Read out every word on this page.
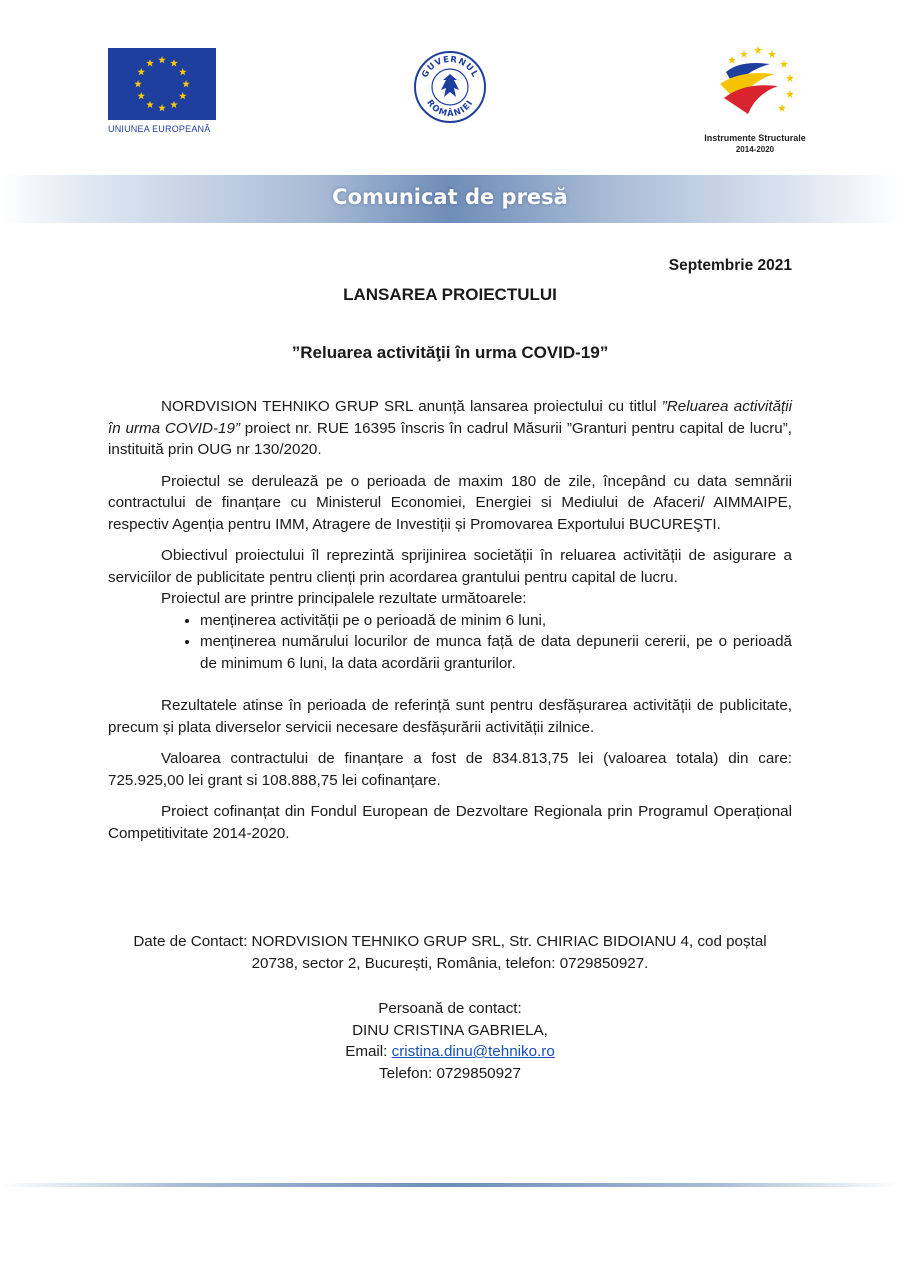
UNIUNEA EUROPEANĂ
GUVERNUL
ROMÂNIEI
Instrumente Structurale
2014-2020
Comunicat de presă
Septembrie 2021
LANSAREA PROIECTULUI
”Reluarea activităţii în urma COVID-19”

NORDVISION TEHNIKO GRUP SRL anunță lansarea proiectului cu titlul ”Reluarea activității în urma COVID-19” proiect nr. RUE 16395 înscris în cadrul Măsurii ”Granturi pentru capital de lucru”, instituită prin OUG nr 130/2020.

Proiectul se derulează pe o perioada de maxim 180 de zile, începând cu data semnării contractului de finanțare cu Ministerul Economiei, Energiei si Mediului de Afaceri/ AIMMAIPE, respectiv Agenția pentru IMM, Atragere de Investiții și Promovarea Exportului BUCUREŞTI.

Obiectivul proiectului îl reprezintă sprijinirea societății în reluarea activității de asigurare a serviciilor de publicitate pentru clienți prin acordarea grantului pentru capital de lucru.

Proiectul are printre principalele rezultate următoarele:

• menținerea activității pe o perioadă de minim 6 luni,
• menținerea numărului locurilor de munca față de data depunerii cererii, pe o perioadă de minimum 6 luni, la data acordării granturilor.

Rezultatele atinse în perioada de referință sunt pentru desfășurarea activității de publicitate, precum și plata diverselor servicii necesare desfășurării activității zilnice.

Valoarea contractului de finanțare a fost de 834.813,75 lei (valoarea totala) din care: 725.925,00 lei grant si 108.888,75 lei cofinanțare.

Proiect cofinanțat din Fondul European de Dezvoltare Regionala prin Programul Operațional Competitivitate 2014-2020.

Date de Contact: NORDVISION TEHNIKO GRUP SRL, Str. CHIRIAC BIDOIANU 4, cod poștal
20738, sector 2, București, România, telefon: 0729850927.
Persoană de contact:
DINU CRISTINA GABRIELA,
Email: cristina.dinu@tehniko.ro
Telefon: 0729850927
